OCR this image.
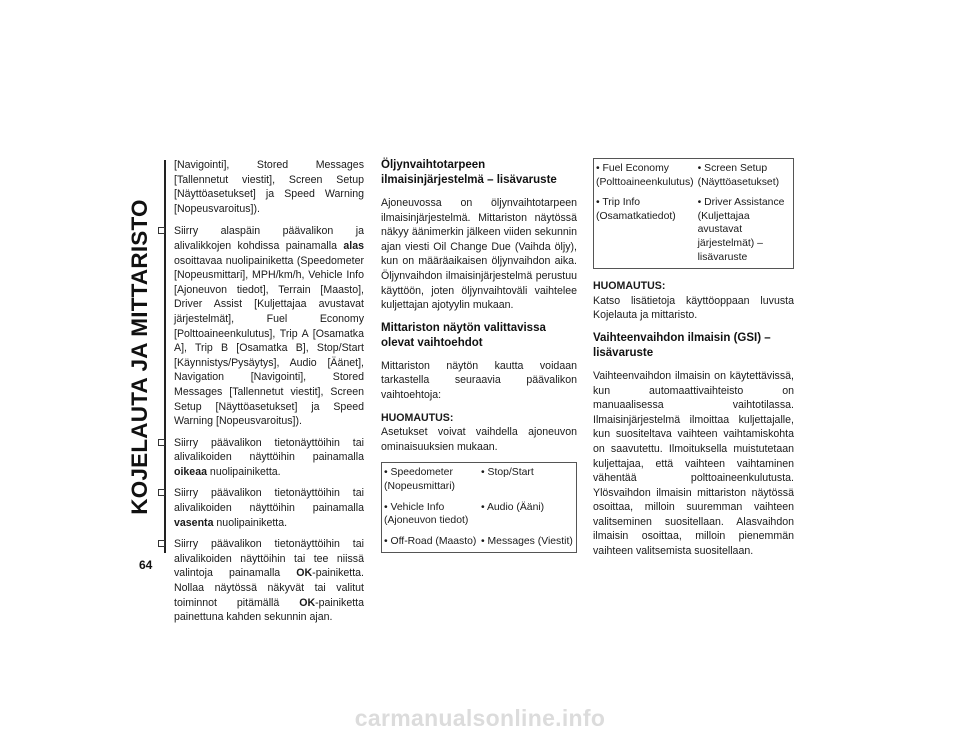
KOJELAUTA JA MITTARISTO
64

[Navigointi], Stored Messages [Tallennetut viestit], Screen Setup [Näyttöasetukset] ja Speed Warning [Nopeusvaroitus]).

Siirry alaspäin päävalikon ja alivalikkojen kohdissa painamalla alas osoittavaa nuolipainiketta (Speedometer [Nopeusmittari], MPH/km/h, Vehicle Info [Ajoneuvon tiedot], Terrain [Maasto], Driver Assist [Kuljettajaa avustavat järjestelmät], Fuel Economy [Polttoaineenkulutus], Trip A [Osamatka A], Trip B [Osamatka B], Stop/Start [Käynnistys/Pysäytys], Audio [Äänet], Navigation [Navigointi], Stored Messages [Tallennetut viestit], Screen Setup [Näyttöasetukset] ja Speed Warning [Nopeusvaroitus]).

Siirry päävalikon tietonäyttöihin tai alivalikoiden näyttöihin painamalla oikeaa nuolipainiketta.

Siirry päävalikon tietonäyttöihin tai alivalikoiden näyttöihin painamalla vasenta nuolipainiketta.

Siirry päävalikon tietonäyttöihin tai alivalikoiden näyttöihin tai tee niissä valintoja painamalla OK-painiketta. Nollaa näytössä näkyvät tai valitut toiminnot pitämällä OK-painiketta painettuna kahden sekunnin ajan.

Öljynvaihtotarpeen ilmaisinjärjestelmä – lisävaruste

Ajoneuvossa on öljynvaihtotarpeen ilmaisinjärjestelmä. Mittariston näytössä näkyy äänimerkin jälkeen viiden sekunnin ajan viesti Oil Change Due (Vaihda öljy), kun on määräaikaisen öljynvaihdon aika. Öljynvaihdon ilmaisinjärjestelmä perustuu käyttöön, joten öljynvaihtoväli vaihtelee kuljettajan ajotyylin mukaan.

Mittariston näytön valittavissa olevat vaihtoehdot

Mittariston näytön kautta voidaan tarkastella seuraavia päävalikon vaihtoehtoja:

HUOMAUTUS:

Asetukset voivat vaihdella ajoneuvon ominaisuuksien mukaan.

• Speedometer (Nopeusmittari)	• Stop/Start
• Vehicle Info (Ajoneuvon tiedot)	• Audio (Ääni)
• Off-Road (Maasto)	• Messages (Viestit)
• Fuel Economy (Polttoaineenkulutus)	• Screen Setup (Näyttöasetukset)
• Trip Info (Osamatkatiedot)	• Driver Assistance (Kuljettajaa avustavat järjestelmät) – lisävaruste
HUOMAUTUS:

Katso lisätietoja käyttöoppaan luvusta Kojelauta ja mittaristo.

Vaihteenvaihdon ilmaisin (GSI) – lisävaruste

Vaihteenvaihdon ilmaisin on käytettävissä, kun automaattivaihteisto on manuaalisessa vaihtotilassa. Ilmaisinjärjestelmä ilmoittaa kuljettajalle, kun suositeltava vaihteen vaihtamiskohta on saavutettu. Ilmoituksella muistutetaan kuljettajaa, että vaihteen vaihtaminen vähentää polttoaineenkulutusta. Ylösvaihdon ilmaisin mittariston näytössä osoittaa, milloin suuremman vaihteen valitseminen suositellaan. Alasvaihdon ilmaisin osoittaa, milloin pienemmän vaihteen valitsemista suositellaan.

carmanualsonline.info
